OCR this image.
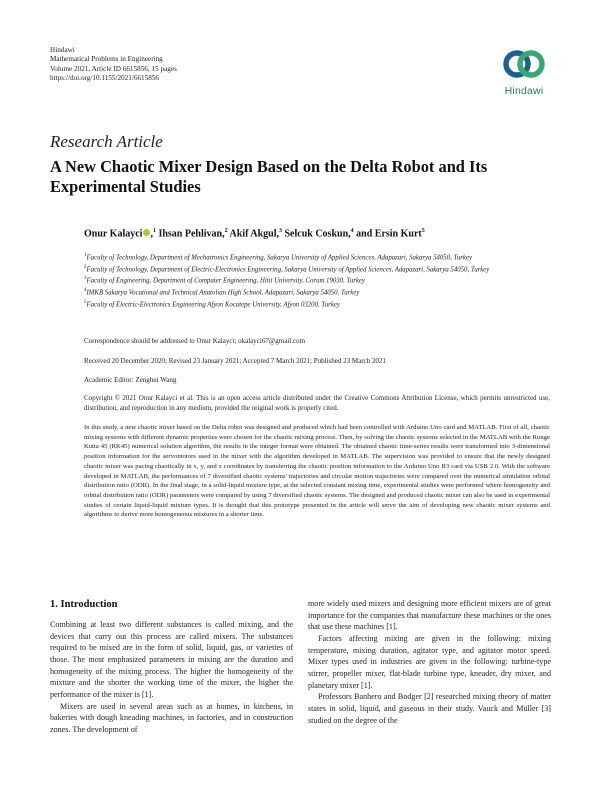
Hindawi
Mathematical Problems in Engineering
Volume 2021, Article ID 6615856, 15 pages
https://doi.org/10.1155/2021/6615856
Hindawi
Research Article
A New Chaotic Mixer Design Based on the Delta Robot and Its Experimental Studies
Onur Kalayci ,$^1$ Ihsan Pehlivan,$^2$ Akif Akgul,$^3$ Selcuk Coskun,$^4$ and Ersin Kurt$^5$

$^1$Faculty of Technology, Department of Mechatronics Engineering, Sakarya University of Applied Sciences, Adapazari, Sakarya 54050, Turkey

$^2$Faculty of Technology, Department of Electric-Electronics Engineering, Sakarya University of Applied Sciences, Adapazari, Sakarya 54050, Turkey

$^3$Faculty of Engineering, Department of Computer Engineering, Hitit University, Corum 19030, Turkey

$^4$IMKB Sakarya Vocational and Technical Anatolian High School, Adapazari, Sakarya 54050, Turkey

$^5$Faculty of Electric-Electronics Engineering Afyon Kocatepe University, Afyon 03200, Turkey

Correspondence should be addressed to Onur Kalayci; okalayci67@gmail.com
Received 20 December 2020; Revised 23 January 2021; Accepted 7 March 2021; Published 23 March 2021
Academic Editor: Zenghui Wang
Copyright © 2021 Onur Kalayci et al. This is an open access article distributed under the Creative Commons Attribution License, which permits unrestricted use, distribution, and reproduction in any medium, provided the original work is properly cited.
In this study, a new chaotic mixer based on the Delta robot was designed and produced which had been controlled with Arduino Uno card and MATLAB. First of all, chaotic mixing systems with different dynamic properties were chosen for the chaotic mixing process. Then, by solving the chaotic systems selected in the MATLAB with the Runge Kutta 45 (RK45) numerical solution algorithm, the results in the integer format were obtained. The obtained chaotic time-series results were transformed into 3-dimensional position information for the servomotors used in the mixer with the algorithm developed in MATLAB. The supervision was provided to ensure that the newly designed chaotic mixer was pacing chaotically in x, y, and z coordinates by transferring the chaotic position information to the Arduino Uno R3 card via USB 2.0. With the software developed in MATLAB, the performances of 7 diversified chaotic systems' trajectories and circular motion trajectories were compared over the numerical simulation orbital distribution ratio (ODR). In the final stage, in a solid-liquid mixture type, at the selected constant mixing time, experimental studies were performed where homogeneity and orbital distribution ratio (ODR) parameters were compared by using 7 diversified chaotic systems. The designed and produced chaotic mixer can also be used in experimental studies of certain liquid-liquid mixture types. It is thought that this prototype presented in the article will serve the aim of developing new chaotic mixer systems and algorithms to derive more homogeneous mixtures in a shorter time.
1. Introduction

Combining at least two different substances is called mixing, and the devices that carry out this process are called mixers. The substances required to be mixed are in the form of solid, liquid, gas, or varieties of those. The most emphasized parameters in mixing are the duration and homogeneity of the mixing process. The higher the homogeneity of the mixture and the shorter the working time of the mixer, the higher the performance of the mixer is [1].

Mixers are used in several areas such as at homes, in kitchens, in bakeries with dough kneading machines, in factories, and in construction zones. The development of

more widely used mixers and designing more efficient mixers are of great importance for the companies that manufacture these machines or the ones that use these machines [1].

Factors affecting mixing are given in the following: mixing temperature, mixing duration, agitator type, and agitator motor speed. Mixer types used in industries are given in the following: turbine-type stirrer, propeller mixer, flat-blade turbine type, kneader, dry mixer, and planetary mixer [1].

Professors Banhero and Bodger [2] researched mixing theory of matter states in solid, liquid, and gaseous in their study. Vauck and Müller [3] studied on the degree of the
